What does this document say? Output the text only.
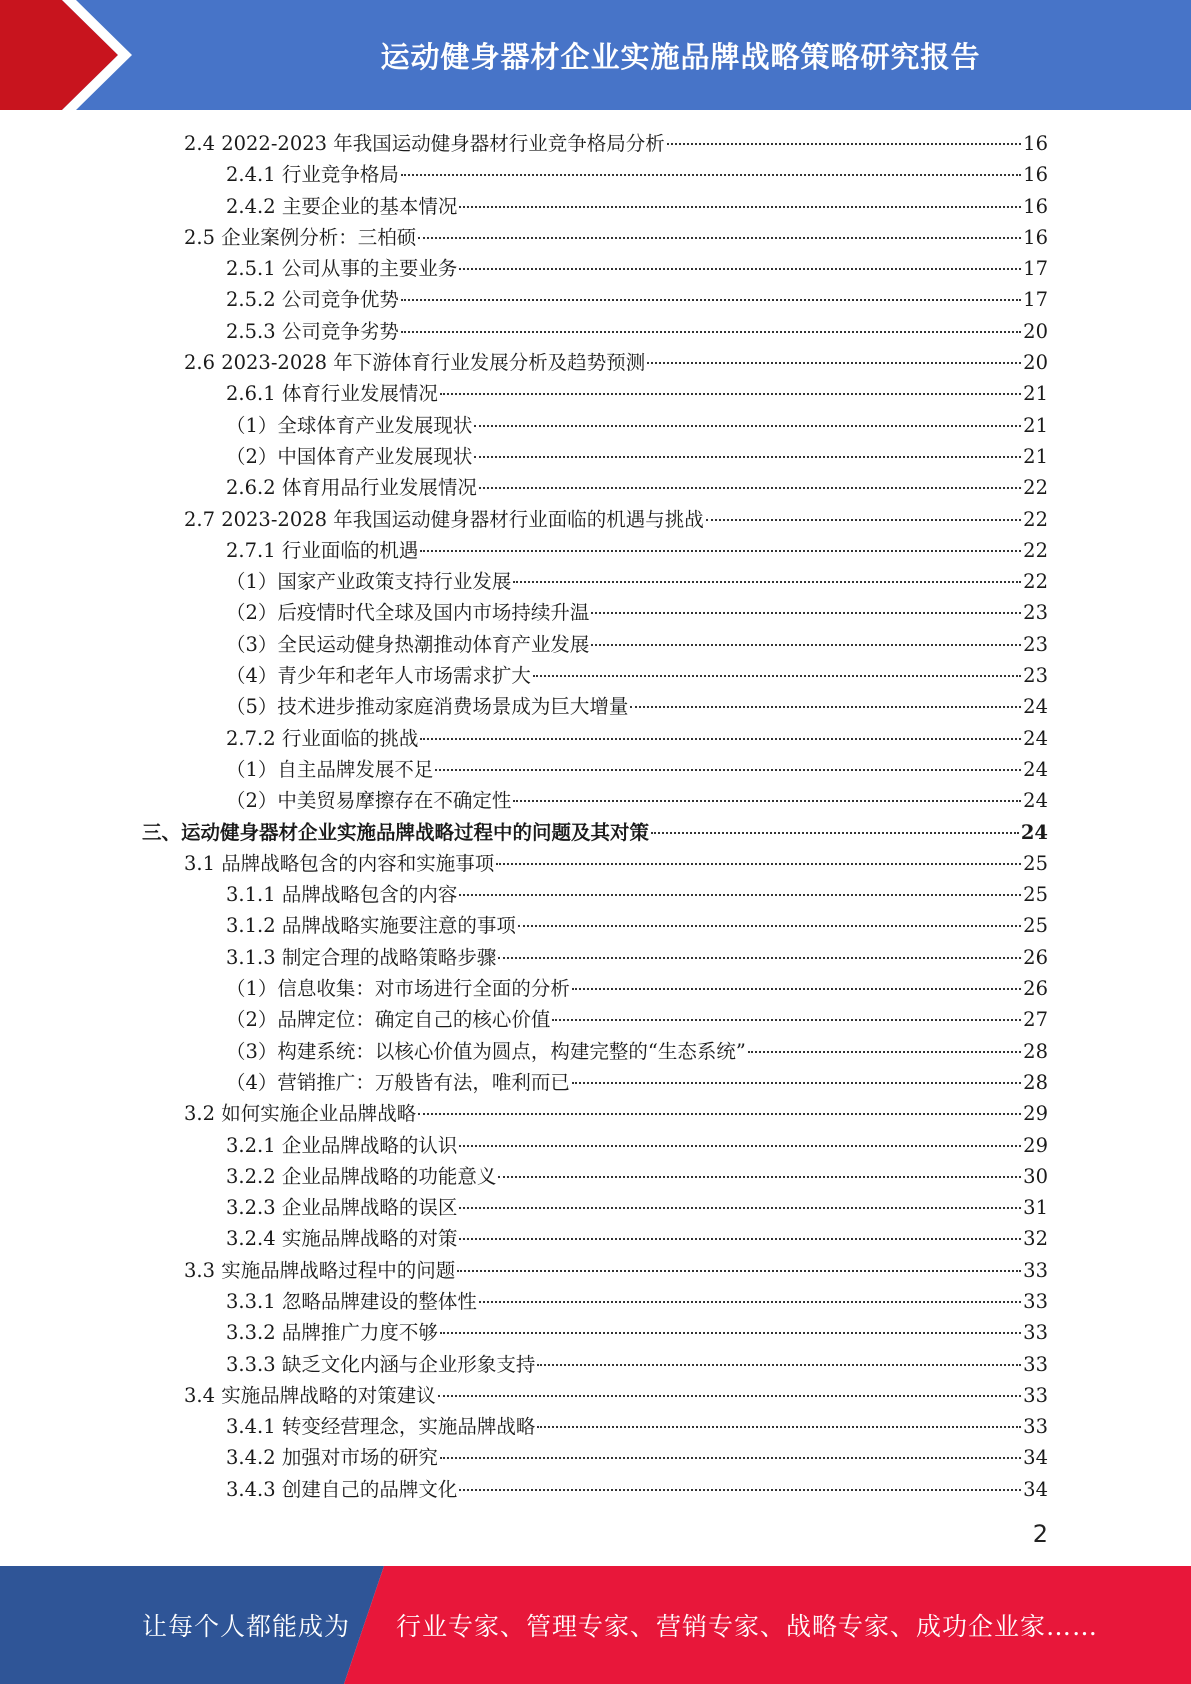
运动健身器材企业实施品牌战略策略研究报告
2.4 2022-2023 年我国运动健身器材行业竞争格局分析	16
2.4.1 行业竞争格局	16
2.4.2 主要企业的基本情况	16
2.5 企业案例分析：三柏硕	16
2.5.1 公司从事的主要业务	17
2.5.2 公司竞争优势	17
2.5.3 公司竞争劣势	20
2.6 2023-2028 年下游体育行业发展分析及趋势预测	20
2.6.1 体育行业发展情况	21
（1）全球体育产业发展现状	21
（2）中国体育产业发展现状	21
2.6.2 体育用品行业发展情况	22
2.7 2023-2028 年我国运动健身器材行业面临的机遇与挑战	22
2.7.1 行业面临的机遇	22
（1）国家产业政策支持行业发展	22
（2）后疫情时代全球及国内市场持续升温	23
（3）全民运动健身热潮推动体育产业发展	23
（4）青少年和老年人市场需求扩大	23
（5）技术进步推动家庭消费场景成为巨大增量	24
2.7.2 行业面临的挑战	24
（1）自主品牌发展不足	24
（2）中美贸易摩擦存在不确定性	24
三、运动健身器材企业实施品牌战略过程中的问题及其对策	24
3.1 品牌战略包含的内容和实施事项	25
3.1.1 品牌战略包含的内容	25
3.1.2 品牌战略实施要注意的事项	25
3.1.3 制定合理的战略策略步骤	26
（1）信息收集：对市场进行全面的分析	26
（2）品牌定位：确定自己的核心价值	27
（3）构建系统：以核心价值为圆点，构建完整的“生态系统”	28
（4）营销推广：万般皆有法，唯利而已	28
3.2 如何实施企业品牌战略	29
3.2.1 企业品牌战略的认识	29
3.2.2 企业品牌战略的功能意义	30
3.2.3 企业品牌战略的误区	31
3.2.4 实施品牌战略的对策	32
3.3 实施品牌战略过程中的问题	33
3.3.1 忽略品牌建设的整体性	33
3.3.2 品牌推广力度不够	33
3.3.3 缺乏文化内涵与企业形象支持	33
3.4 实施品牌战略的对策建议	33
3.4.1 转变经营理念，实施品牌战略	33
3.4.2 加强对市场的研究	34
3.4.3 创建自己的品牌文化	34
2
让每个人都能成为 行业专家、管理专家、营销专家、战略专家、成功企业家……
